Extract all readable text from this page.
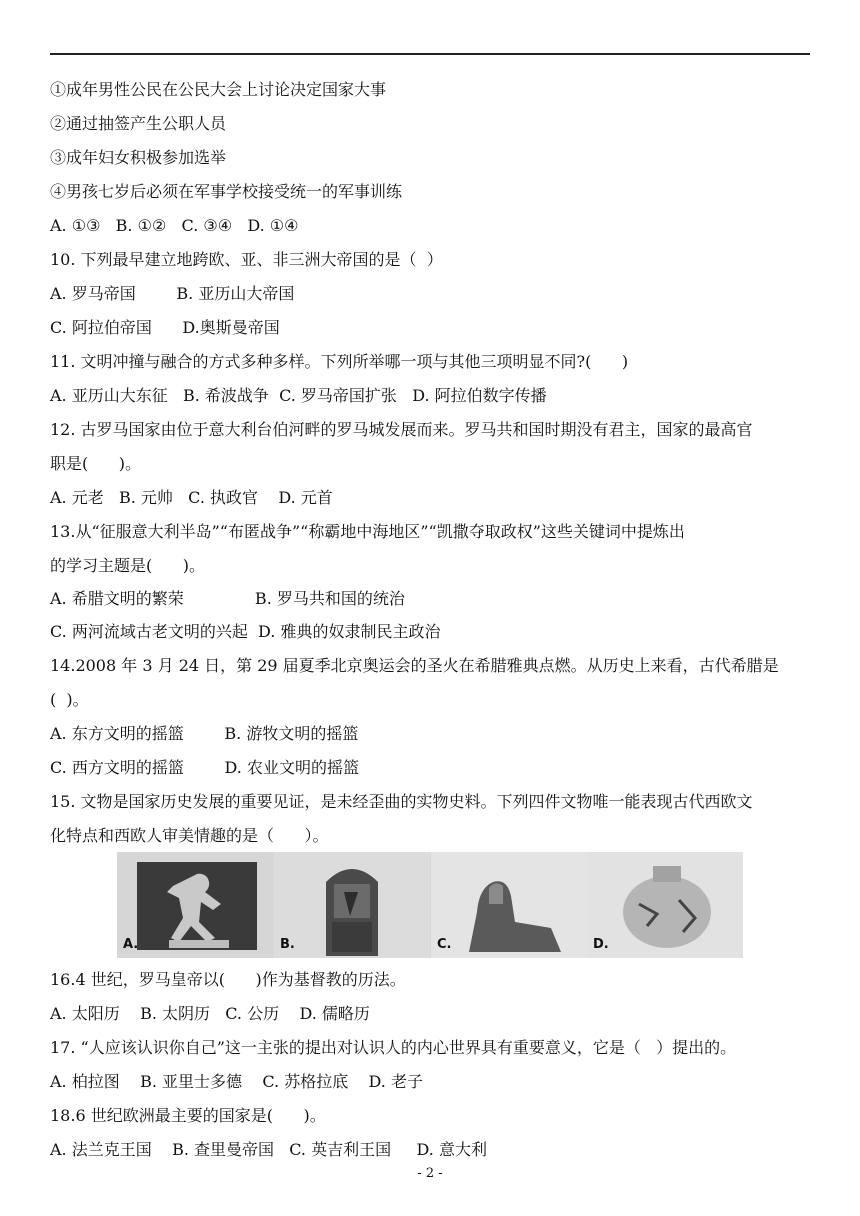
①成年男性公民在公民大会上讨论决定国家大事
②通过抽签产生公职人员
③成年妇女积极参加选举
④男孩七岁后必须在军事学校接受统一的军事训练
A. ①③   B. ①②   C. ③④   D. ①④
10. 下列最早建立地跨欧、亚、非三洲大帝国的是（  ）
A. 罗马帝国        B. 亚历山大帝国
C. 阿拉伯帝国      D.奥斯曼帝国
11. 文明冲撞与融合的方式多种多样。下列所举哪一项与其他三项明显不同?(      )
A. 亚历山大东征   B. 希波战争  C. 罗马帝国扩张   D. 阿拉伯数字传播
12. 古罗马国家由位于意大利台伯河畔的罗马城发展而来。罗马共和国时期没有君主，国家的最高官
职是(      )。
A. 元老   B. 元帅   C. 执政官    D. 元首
13.从“征服意大利半岛”“布匿战争”“称霸地中海地区”“凯撒夺取政权”这些关键词中提炼出
的学习主题是(      )。
A. 希腊文明的繁荣              B. 罗马共和国的统治
C. 两河流域古老文明的兴起  D. 雅典的奴隶制民主政治
14.2008 年 3 月 24 日，第 29 届夏季北京奥运会的圣火在希腊雅典点燃。从历史上来看，古代希腊是
(  )。
A. 东方文明的摇篮        B. 游牧文明的摇篮
C. 西方文明的摇篮        D. 农业文明的摇篮
15. 文物是国家历史发展的重要见证，是未经歪曲的实物史料。下列四件文物唯一能表现古代西欧文
化特点和西欧人审美情趣的是（      ）。
A.	B.	C.	D.
16.4 世纪，罗马皇帝以(      )作为基督教的历法。
A. 太阳历    B. 太阴历   C. 公历    D. 儒略历
17. “人应该认识你自己”这一主张的提出对认识人的内心世界具有重要意义，它是（   ）提出的。
A. 柏拉图    B. 亚里士多德    C. 苏格拉底    D. 老子
18.6 世纪欧洲最主要的国家是(      )。
A. 法兰克王国    B. 查里曼帝国   C. 英吉利王国     D. 意大利
- 2 -
